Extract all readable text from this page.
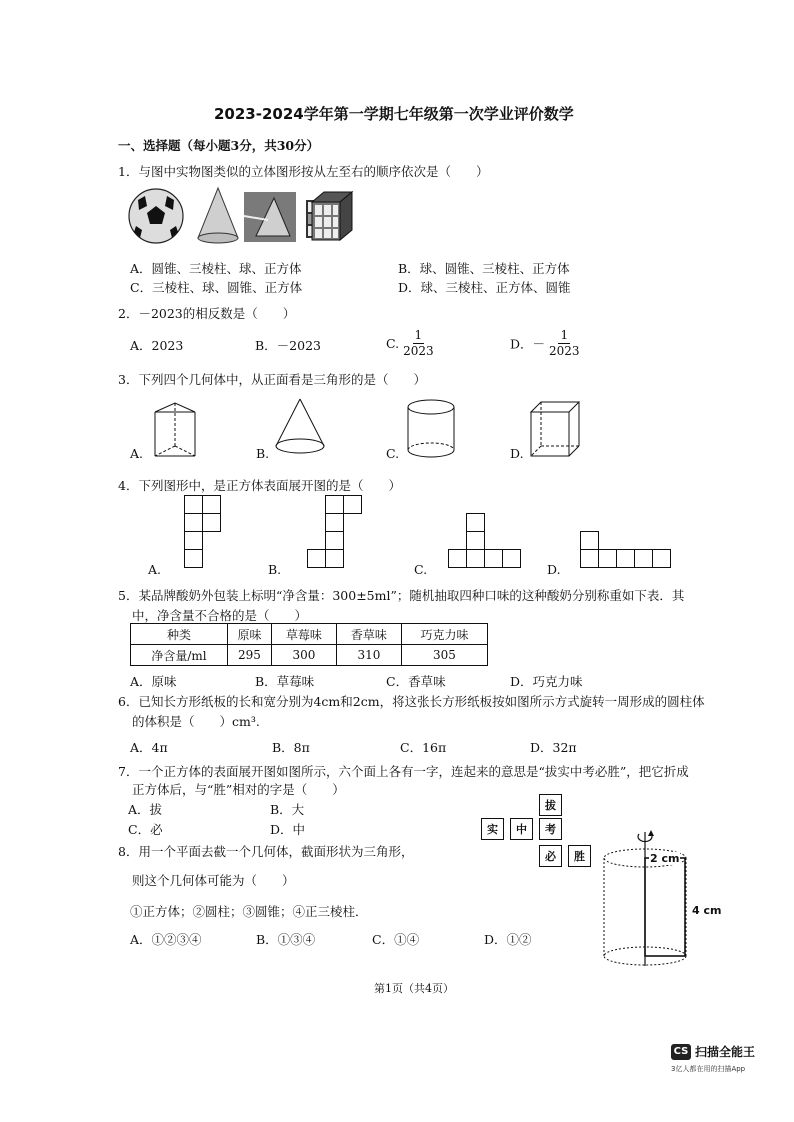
2023-2024学年第一学期七年级第一次学业评价数学
一、选择题（每小题3分，共30分）
1．与图中实物图类似的立体图形按从左至右的顺序依次是（　　）
A．圆锥、三棱柱、球、正方体	B．球、圆锥、三棱柱、正方体
C．三棱柱、球、圆锥、正方体	D．球、三棱柱、正方体、圆锥
2．－2023的相反数是（　　）
A．2023	B．－2023	C. $\frac{1}{2023}$	D．－ $\frac{1}{2023}$
3．下列四个几何体中，从正面看是三角形的是（　　）
A.	B.	C.	D.
4．下列图形中，是正方体表面展开图的是（　　）
A.	B.	C.	D.
5．某品牌酸奶外包装上标明“净含量：300±5ml”；随机抽取四种口味的这种酸奶分别称重如下表．其
中，净含量不合格的是（　　）
种类	原味	草莓味	香草味	巧克力味
净含量/ml	295	300	310	305
A．原味	B．草莓味	C．香草味	D．巧克力味
6．已知长方形纸板的长和宽分别为4cm和2cm，将这张长方形纸板按如图所示方式旋转一周形成的圆柱体
的体积是（　　）cm³.
A．4π	B．8π	C．16π	D．32π
7．一个正方体的表面展开图如图所示，六个面上各有一字，连起来的意思是“拔实中考必胜”，把它折成
正方体后，与“胜”相对的字是（　　）
A．拔	B．大
C．必	D．中
拔
实	中	考
必	胜
8．用一个平面去截一个几何体，截面形状为三角形，
则这个几何体可能为（　　）
①正方体；②圆柱；③圆锥；④正三棱柱．
A．①②③④	B．①③④	C．①④	D．①②
2 cm
4 cm
第1页（共4页）
CS 扫描全能王
3亿人都在用的扫描App
